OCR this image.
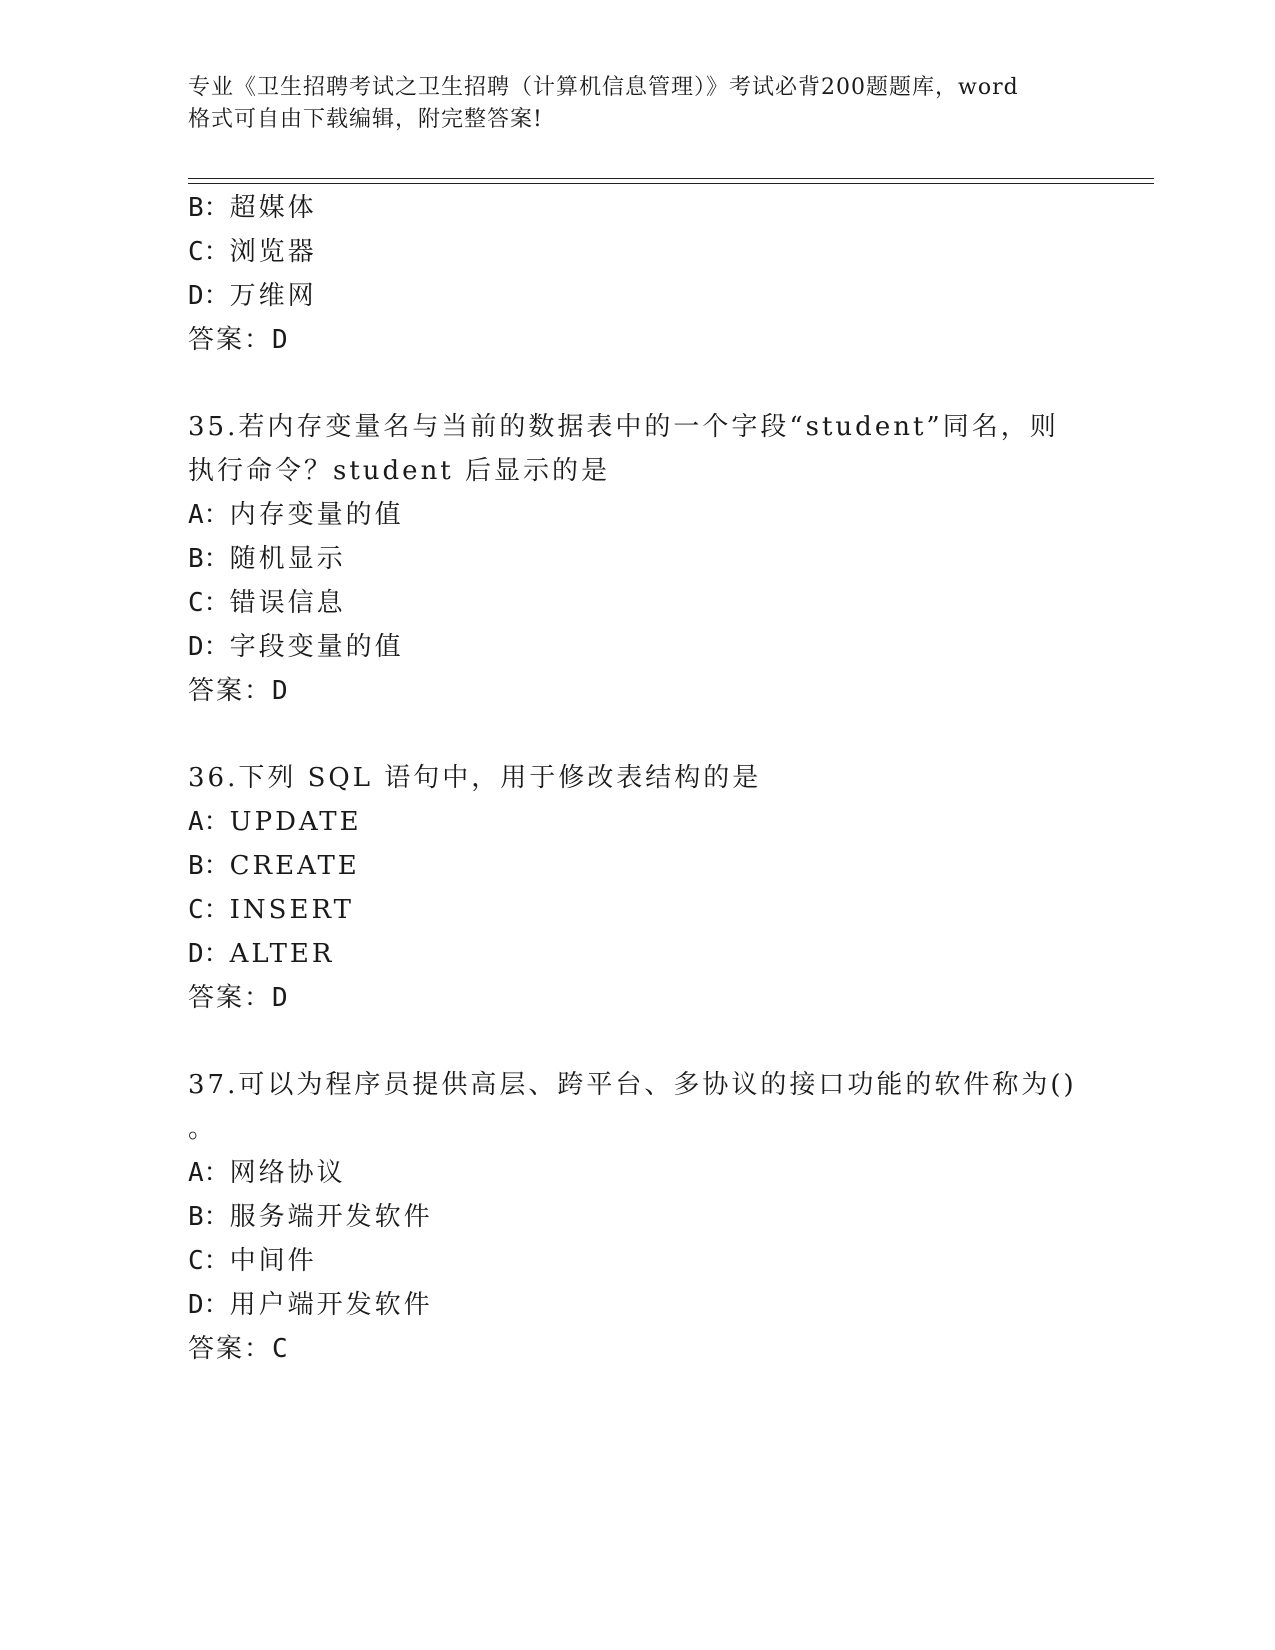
专业《卫生招聘考试之卫生招聘（计算机信息管理）》考试必背200题题库，word
格式可自由下载编辑，附完整答案!
B：超媒体
C：浏览器
D：万维网
答案：D
35.若内存变量名与当前的数据表中的一个字段“student”同名，则
执行命令？student 后显示的是
A：内存变量的值
B：随机显示
C：错误信息
D：字段变量的值
答案：D
36.下列 SQL 语句中，用于修改表结构的是
A：UPDATE
B：CREATE
C：INSERT
D：ALTER
答案：D
37.可以为程序员提供高层、跨平台、多协议的接口功能的软件称为()
。
A：网络协议
B：服务端开发软件
C：中间件
D：用户端开发软件
答案：C
